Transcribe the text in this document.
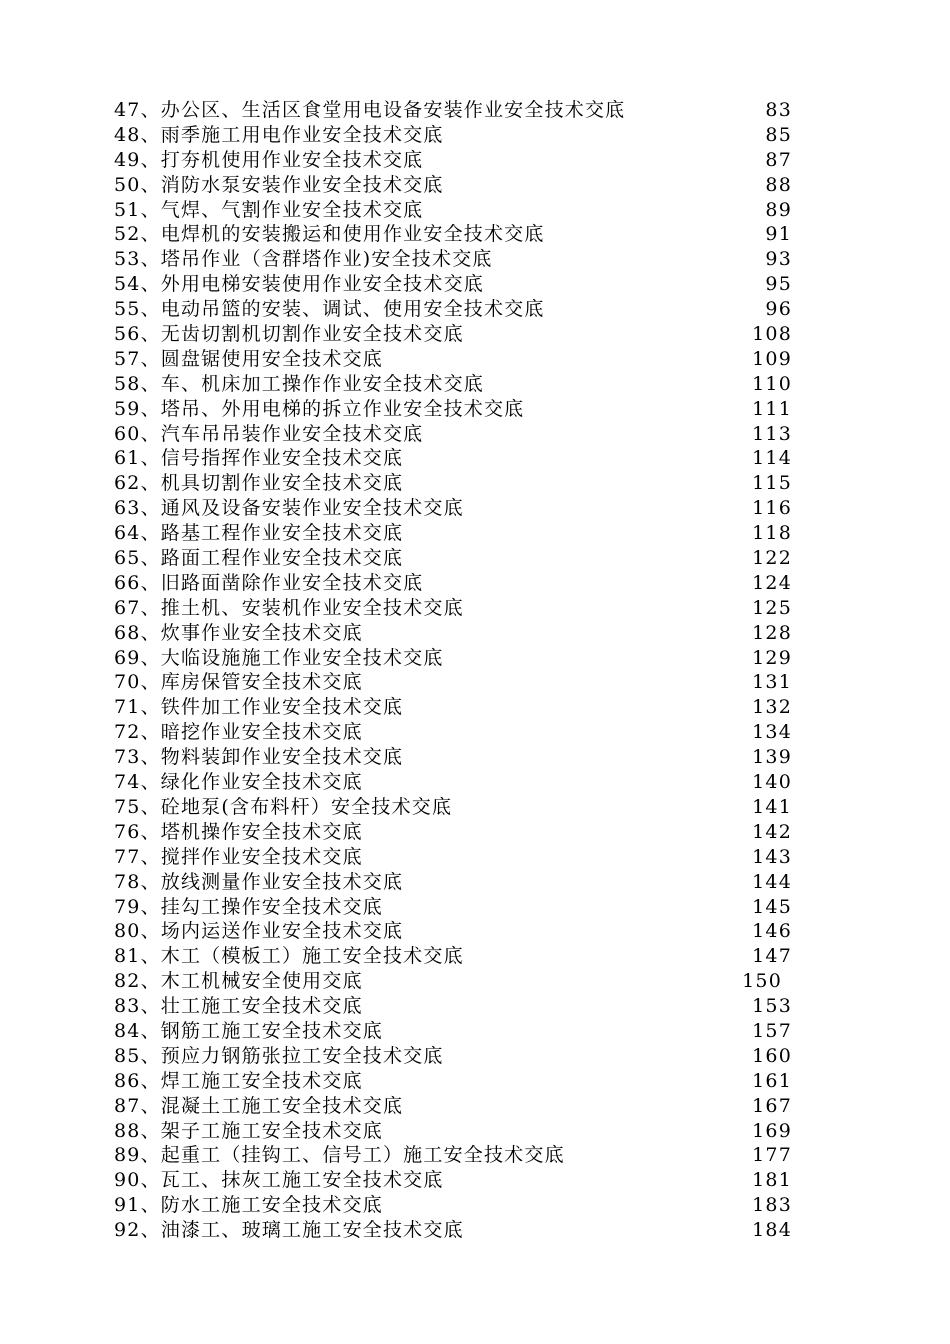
47、办公区、生活区食堂用电设备安装作业安全技术交底	83
48、雨季施工用电作业安全技术交底	85
49、打夯机使用作业安全技术交底	87
50、消防水泵安装作业安全技术交底	88
51、气焊、气割作业安全技术交底	89
52、电焊机的安装搬运和使用作业安全技术交底	91
53、塔吊作业（含群塔作业)安全技术交底	93
54、外用电梯安装使用作业安全技术交底	95
55、电动吊篮的安装、调试、使用安全技术交底	96
56、无齿切割机切割作业安全技术交底	108
57、圆盘锯使用安全技术交底	109
58、车、机床加工操作作业安全技术交底	110
59、塔吊、外用电梯的拆立作业安全技术交底	111
60、汽车吊吊装作业安全技术交底	113
61、信号指挥作业安全技术交底	114
62、机具切割作业安全技术交底	115
63、通风及设备安装作业安全技术交底	116
64、路基工程作业安全技术交底	118
65、路面工程作业安全技术交底	122
66、旧路面凿除作业安全技术交底	124
67、推土机、安装机作业安全技术交底	125
68、炊事作业安全技术交底	128
69、大临设施施工作业安全技术交底	129
70、库房保管安全技术交底	131
71、铁件加工作业安全技术交底	132
72、暗挖作业安全技术交底	134
73、物料装卸作业安全技术交底	139
74、绿化作业安全技术交底	140
75、砼地泵(含布料杆）安全技术交底	141
76、塔机操作安全技术交底	142
77、搅拌作业安全技术交底	143
78、放线测量作业安全技术交底	144
79、挂勾工操作安全技术交底	145
80、场内运送作业安全技术交底	146
81、木工（模板工）施工安全技术交底	147
82、木工机械安全使用交底	150
83、壮工施工安全技术交底	153
84、钢筋工施工安全技术交底	157
85、预应力钢筋张拉工安全技术交底	160
86、焊工施工安全技术交底	161
87、混凝土工施工安全技术交底	167
88、架子工施工安全技术交底	169
89、起重工（挂钩工、信号工）施工安全技术交底	177
90、瓦工、抹灰工施工安全技术交底	181
91、防水工施工安全技术交底	183
92、油漆工、玻璃工施工安全技术交底	184
